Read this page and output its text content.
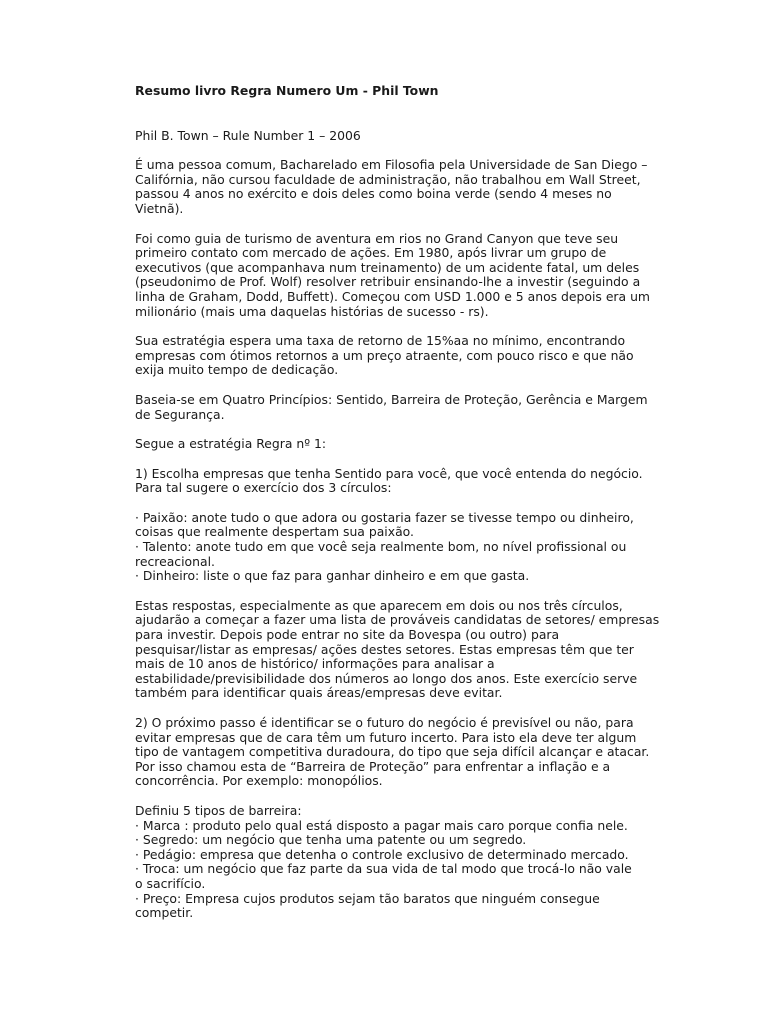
Resumo livro Regra Numero Um - Phil Town
Phil B. Town – Rule Number 1 – 2006
É uma pessoa comum, Bacharelado em Filosofia pela Universidade de San Diego –
Califórnia, não cursou faculdade de administração, não trabalhou em Wall Street,
passou 4 anos no exército e dois deles como boina verde (sendo 4 meses no
Vietnã).
Foi como guia de turismo de aventura em rios no Grand Canyon que teve seu
primeiro contato com mercado de ações. Em 1980, após livrar um grupo de
executivos (que acompanhava num treinamento) de um acidente fatal, um deles
(pseudonimo de Prof. Wolf) resolver retribuir ensinando-lhe a investir (seguindo a
linha de Graham, Dodd, Buffett). Começou com USD 1.000 e 5 anos depois era um
milionário (mais uma daquelas histórias de sucesso - rs).
Sua estratégia espera uma taxa de retorno de 15%aa no mínimo, encontrando
empresas com ótimos retornos a um preço atraente, com pouco risco e que não
exija muito tempo de dedicação.
Baseia-se em Quatro Princípios: Sentido, Barreira de Proteção, Gerência e Margem
de Segurança.
Segue a estratégia Regra nº 1:
1) Escolha empresas que tenha Sentido para você, que você entenda do negócio.
Para tal sugere o exercício dos 3 círculos:
· Paixão: anote tudo o que adora ou gostaria fazer se tivesse tempo ou dinheiro,
coisas que realmente despertam sua paixão.
· Talento: anote tudo em que você seja realmente bom, no nível profissional ou
recreacional.
· Dinheiro: liste o que faz para ganhar dinheiro e em que gasta.
Estas respostas, especialmente as que aparecem em dois ou nos três círculos,
ajudarão a começar a fazer uma lista de prováveis candidatas de setores/ empresas
para investir. Depois pode entrar no site da Bovespa (ou outro) para
pesquisar/listar as empresas/ ações destes setores. Estas empresas têm que ter
mais de 10 anos de histórico/ informações para analisar a
estabilidade/previsibilidade dos números ao longo dos anos. Este exercício serve
também para identificar quais áreas/empresas deve evitar.
2) O próximo passo é identificar se o futuro do negócio é previsível ou não, para
evitar empresas que de cara têm um futuro incerto. Para isto ela deve ter algum
tipo de vantagem competitiva duradoura, do tipo que seja difícil alcançar e atacar.
Por isso chamou esta de “Barreira de Proteção” para enfrentar a inflação e a
concorrência. Por exemplo: monopólios.
Definiu 5 tipos de barreira:
· Marca : produto pelo qual está disposto a pagar mais caro porque confia nele.
· Segredo: um negócio que tenha uma patente ou um segredo.
· Pedágio: empresa que detenha o controle exclusivo de determinado mercado.
· Troca: um negócio que faz parte da sua vida de tal modo que trocá-lo não vale
o sacrifício.
· Preço: Empresa cujos produtos sejam tão baratos que ninguém consegue
competir.
